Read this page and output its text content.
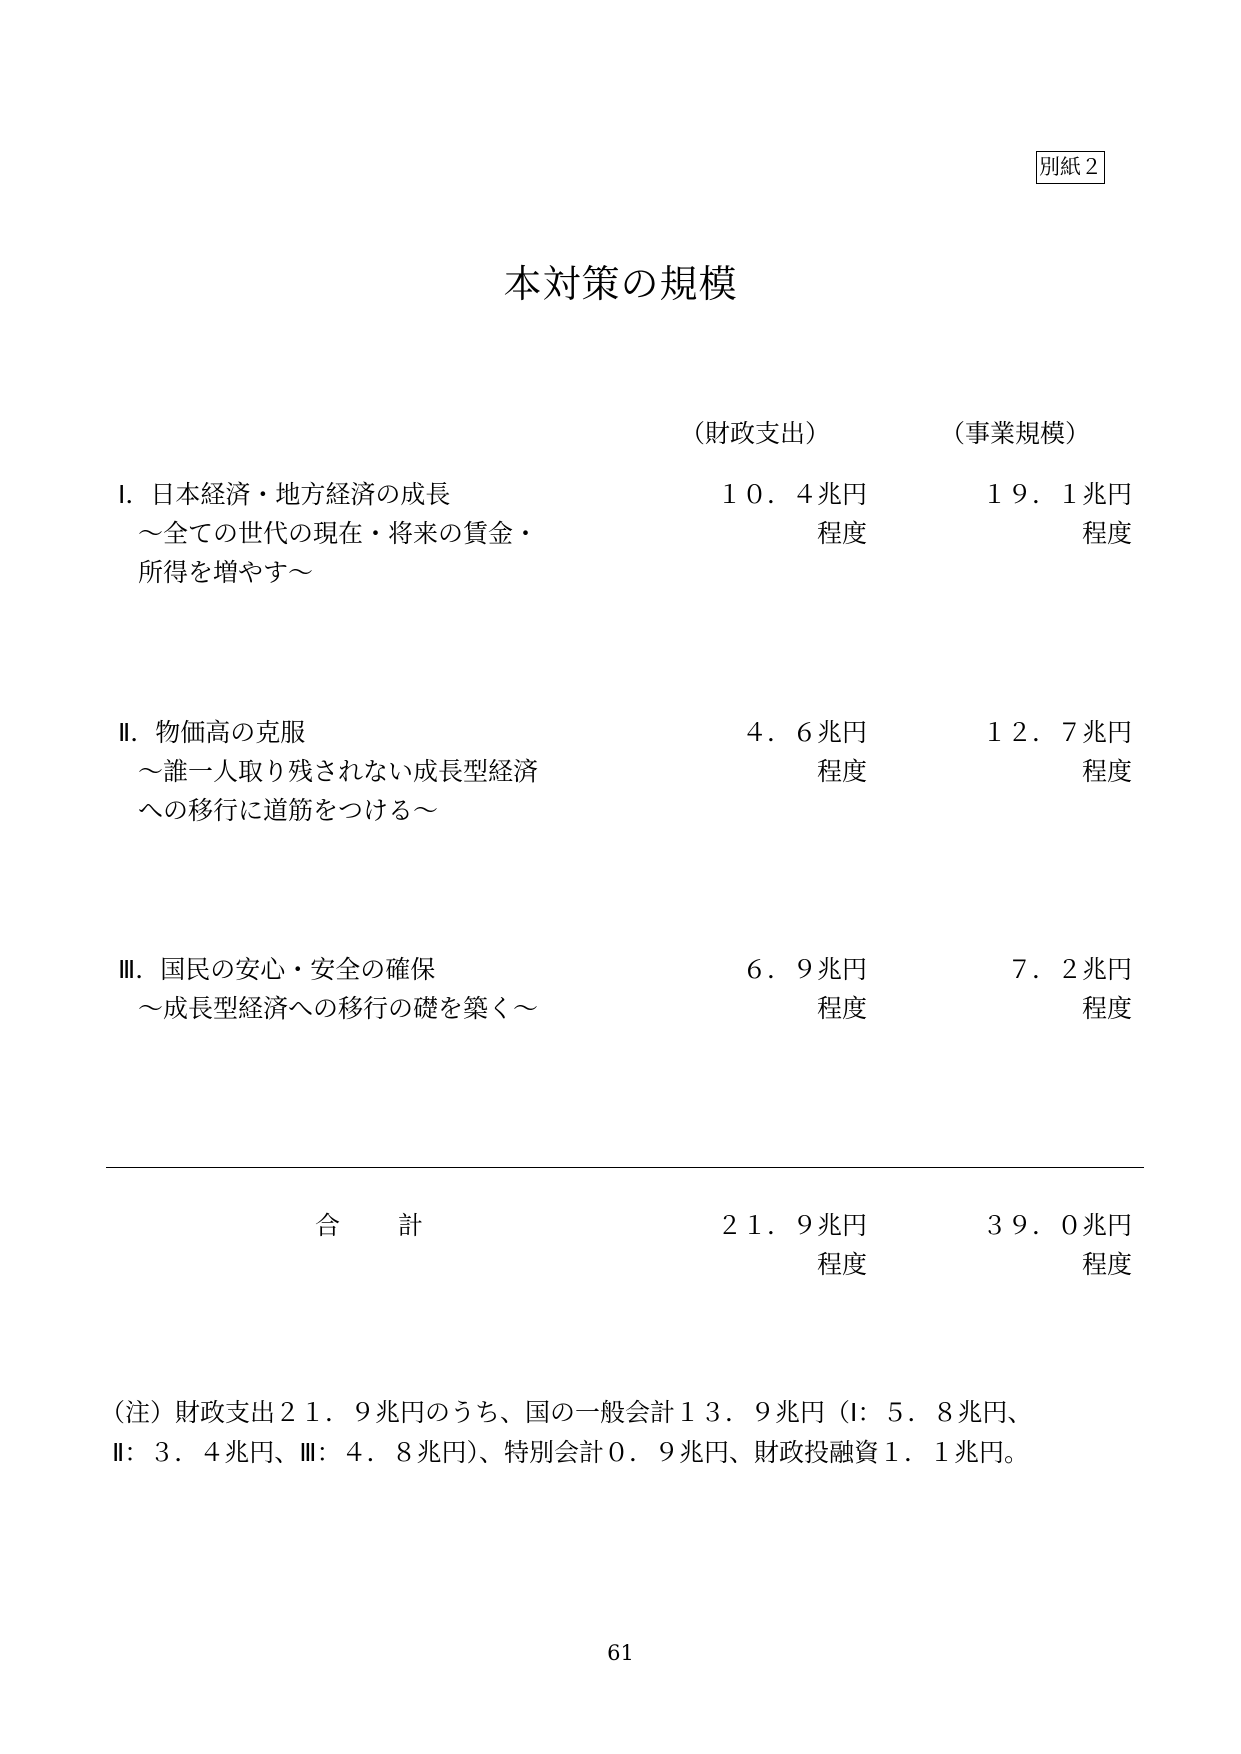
別紙２
本対策の規模
（財政支出）	（事業規模）
Ⅰ．日本経済・地方経済の成長
～全ての世代の現在・将来の賃金・
所得を増やす～
１０．４兆円
程度
１９．１兆円
程度
Ⅱ．物価高の克服
～誰一人取り残されない成長型経済
への移行に道筋をつける～
４．６兆円
程度
１２．７兆円
程度
Ⅲ．国民の安心・安全の確保
～成長型経済への移行の礎を築く～
６．９兆円
程度
７．２兆円
程度
合 計	２１．９兆円
程度
３９．０兆円
程度
（注）財政支出２１．９兆円のうち、国の一般会計１３．９兆円（Ⅰ：５．８兆円、
Ⅱ：３．４兆円、Ⅲ：４．８兆円）、特別会計０．９兆円、財政投融資１．１兆円。
61
